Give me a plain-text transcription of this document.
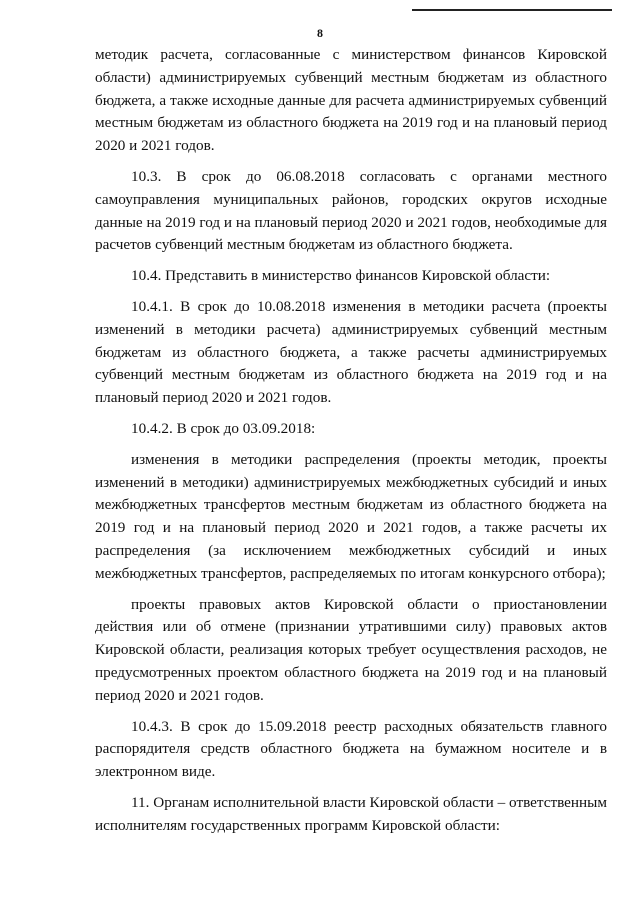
8

методик расчета, согласованные с министерством финансов Кировской области) администрируемых субвенций местным бюджетам из областного бюджета, а также исходные данные для расчета администрируемых субвенций местным бюджетам из областного бюджета на 2019 год и на плановый период 2020 и 2021 годов.

10.3. В срок до 06.08.2018 согласовать с органами местного самоуправления муниципальных районов, городских округов исходные данные на 2019 год и на плановый период 2020 и 2021 годов, необходимые для расчетов субвенций местным бюджетам из областного бюджета.

10.4. Представить в министерство финансов Кировской области:

10.4.1. В срок до 10.08.2018 изменения в методики расчета (проекты изменений в методики расчета) администрируемых субвенций местным бюджетам из областного бюджета, а также расчеты администрируемых субвенций местным бюджетам из областного бюджета на 2019 год и на плановый период 2020 и 2021 годов.

10.4.2. В срок до 03.09.2018:

изменения в методики распределения (проекты методик, проекты изменений в методики) администрируемых межбюджетных субсидий и иных межбюджетных трансфертов местным бюджетам из областного бюджета на 2019 год и на плановый период 2020 и 2021 годов, а также расчеты их распределения (за исключением межбюджетных субсидий и иных межбюджетных трансфертов, распределяемых по итогам конкурсного отбора);

проекты правовых актов Кировской области о приостановлении действия или об отмене (признании утратившими силу) правовых актов Кировской области, реализация которых требует осуществления расходов, не предусмотренных проектом областного бюджета на 2019 год и на плановый период 2020 и 2021 годов.

10.4.3. В срок до 15.09.2018 реестр расходных обязательств главного распорядителя средств областного бюджета на бумажном носителе и в электронном виде.

11. Органам исполнительной власти Кировской области – ответственным исполнителям государственных программ Кировской области:
